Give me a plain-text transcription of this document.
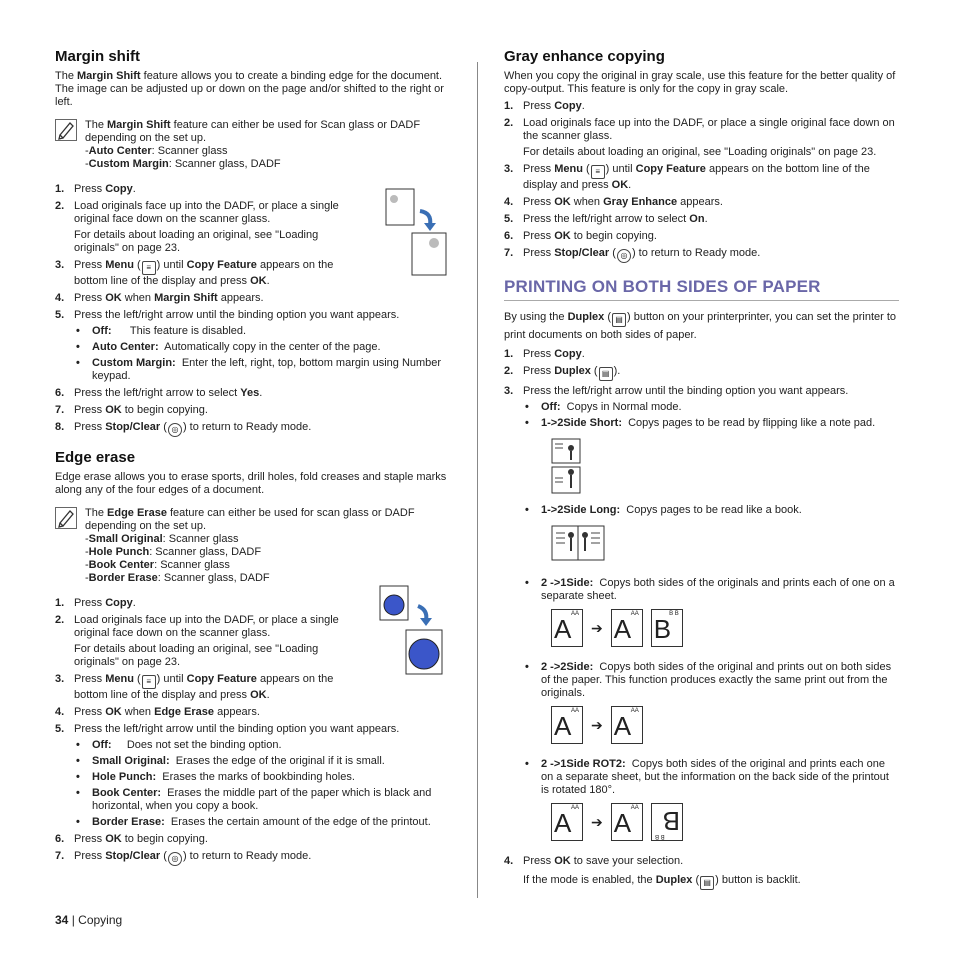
Margin shift

The Margin Shift feature allows you to create a binding edge for the document. The image can be adjusted up or down on the page and/or shifted to the right or left.

The Margin Shift feature can either be used for Scan glass or DADF depending on the set up.
-Auto Center: Scanner glass
-Custom Margin: Scanner glass, DADF
1. Press Copy.
2. Load originals face up into the DADF, or place a single original face down on the scanner glass.
For details about loading an original, see "Loading originals" on page 23.
3. Press Menu ( ≡ ) until Copy Feature appears on the bottom line of the display and press OK.
4. Press OK when Margin Shift appears.
5. Press the left/right arrow until the binding option you want appears.
• Off:      This feature is disabled.
• Auto Center:  Automatically copy in the center of the page.
• Custom Margin:  Enter the left, right, top, bottom margin using Number keypad.
6. Press the left/right arrow to select Yes.
7. Press OK to begin copying.
8. Press Stop/Clear ( ◎ ) to return to Ready mode.
Edge erase

Edge erase allows you to erase sports, drill holes, fold creases and staple marks along any of the four edges of a document.

The Edge Erase feature can either be used for scan glass or DADF depending on the set up.
-Small Original: Scanner glass
-Hole Punch: Scanner glass, DADF
-Book Center: Scanner glass
-Border Erase: Scanner glass, DADF
1. Press Copy.
2. Load originals face up into the DADF, or place a single original face down on the scanner glass.
For details about loading an original, see "Loading originals" on page 23.
3. Press Menu ( ≡ ) until Copy Feature appears on the bottom line of the display and press OK.
4. Press OK when Edge Erase appears.
5. Press the left/right arrow until the binding option you want appears.
• Off:     Does not set the binding option.
• Small Original:  Erases the edge of the original if it is small.
• Hole Punch:  Erases the marks of bookbinding holes.
• Book Center:  Erases the middle part of the paper which is black and horizontal, when you copy a book.
• Border Erase:  Erases the certain amount of the edge of the printout.
6. Press OK to begin copying.
7. Press Stop/Clear ( ◎ ) to return to Ready mode.
Gray enhance copying

When you copy the original in gray scale, use this feature for the better quality of copy-output. This feature is only for the copy in gray scale.

1. Press Copy.
2. Load originals face up into the DADF, or place a single original face down on the scanner glass.
For details about loading an original, see "Loading originals" on page 23.
3. Press Menu ( ≡ ) until Copy Feature appears on the bottom line of the display and press OK.
4. Press OK when Gray Enhance appears.
5. Press the left/right arrow to select On.
6. Press OK to begin copying.
7. Press Stop/Clear ( ◎ ) to return to Ready mode.
PRINTING ON BOTH SIDES OF PAPER

By using the Duplex ( ▤ ) button on your printerprinter, you can set the printer to print documents on both sides of paper.

1. Press Copy.
2. Press Duplex ( ▤ ).
3. Press the left/right arrow until the binding option you want appears.
• Off:  Copys in Normal mode.
• 1->2Side Short:  Copys pages to be read by flipping like a note pad.
• 1->2Side Long:  Copys pages to be read like a book.
• 2 ->1Side:  Copys both sides of the originals and prints each of one on a separate sheet.
A AA
➔ A AA B
B B
• 2 ->2Side:  Copys both sides of the original and prints out on both sides of the paper. This function produces exactly the same print out from the originals.
A AA
➔ A AA
• 2 ->1Side ROT2:  Copys both sides of the original and prints each one on a separate sheet, but the information on the back side of the printout is rotated 180°.
A AA
➔ A AA B
B B
4. Press OK to save your selection.
If the mode is enabled, the Duplex ( ▤ ) button is backlit.
34 | Copying
